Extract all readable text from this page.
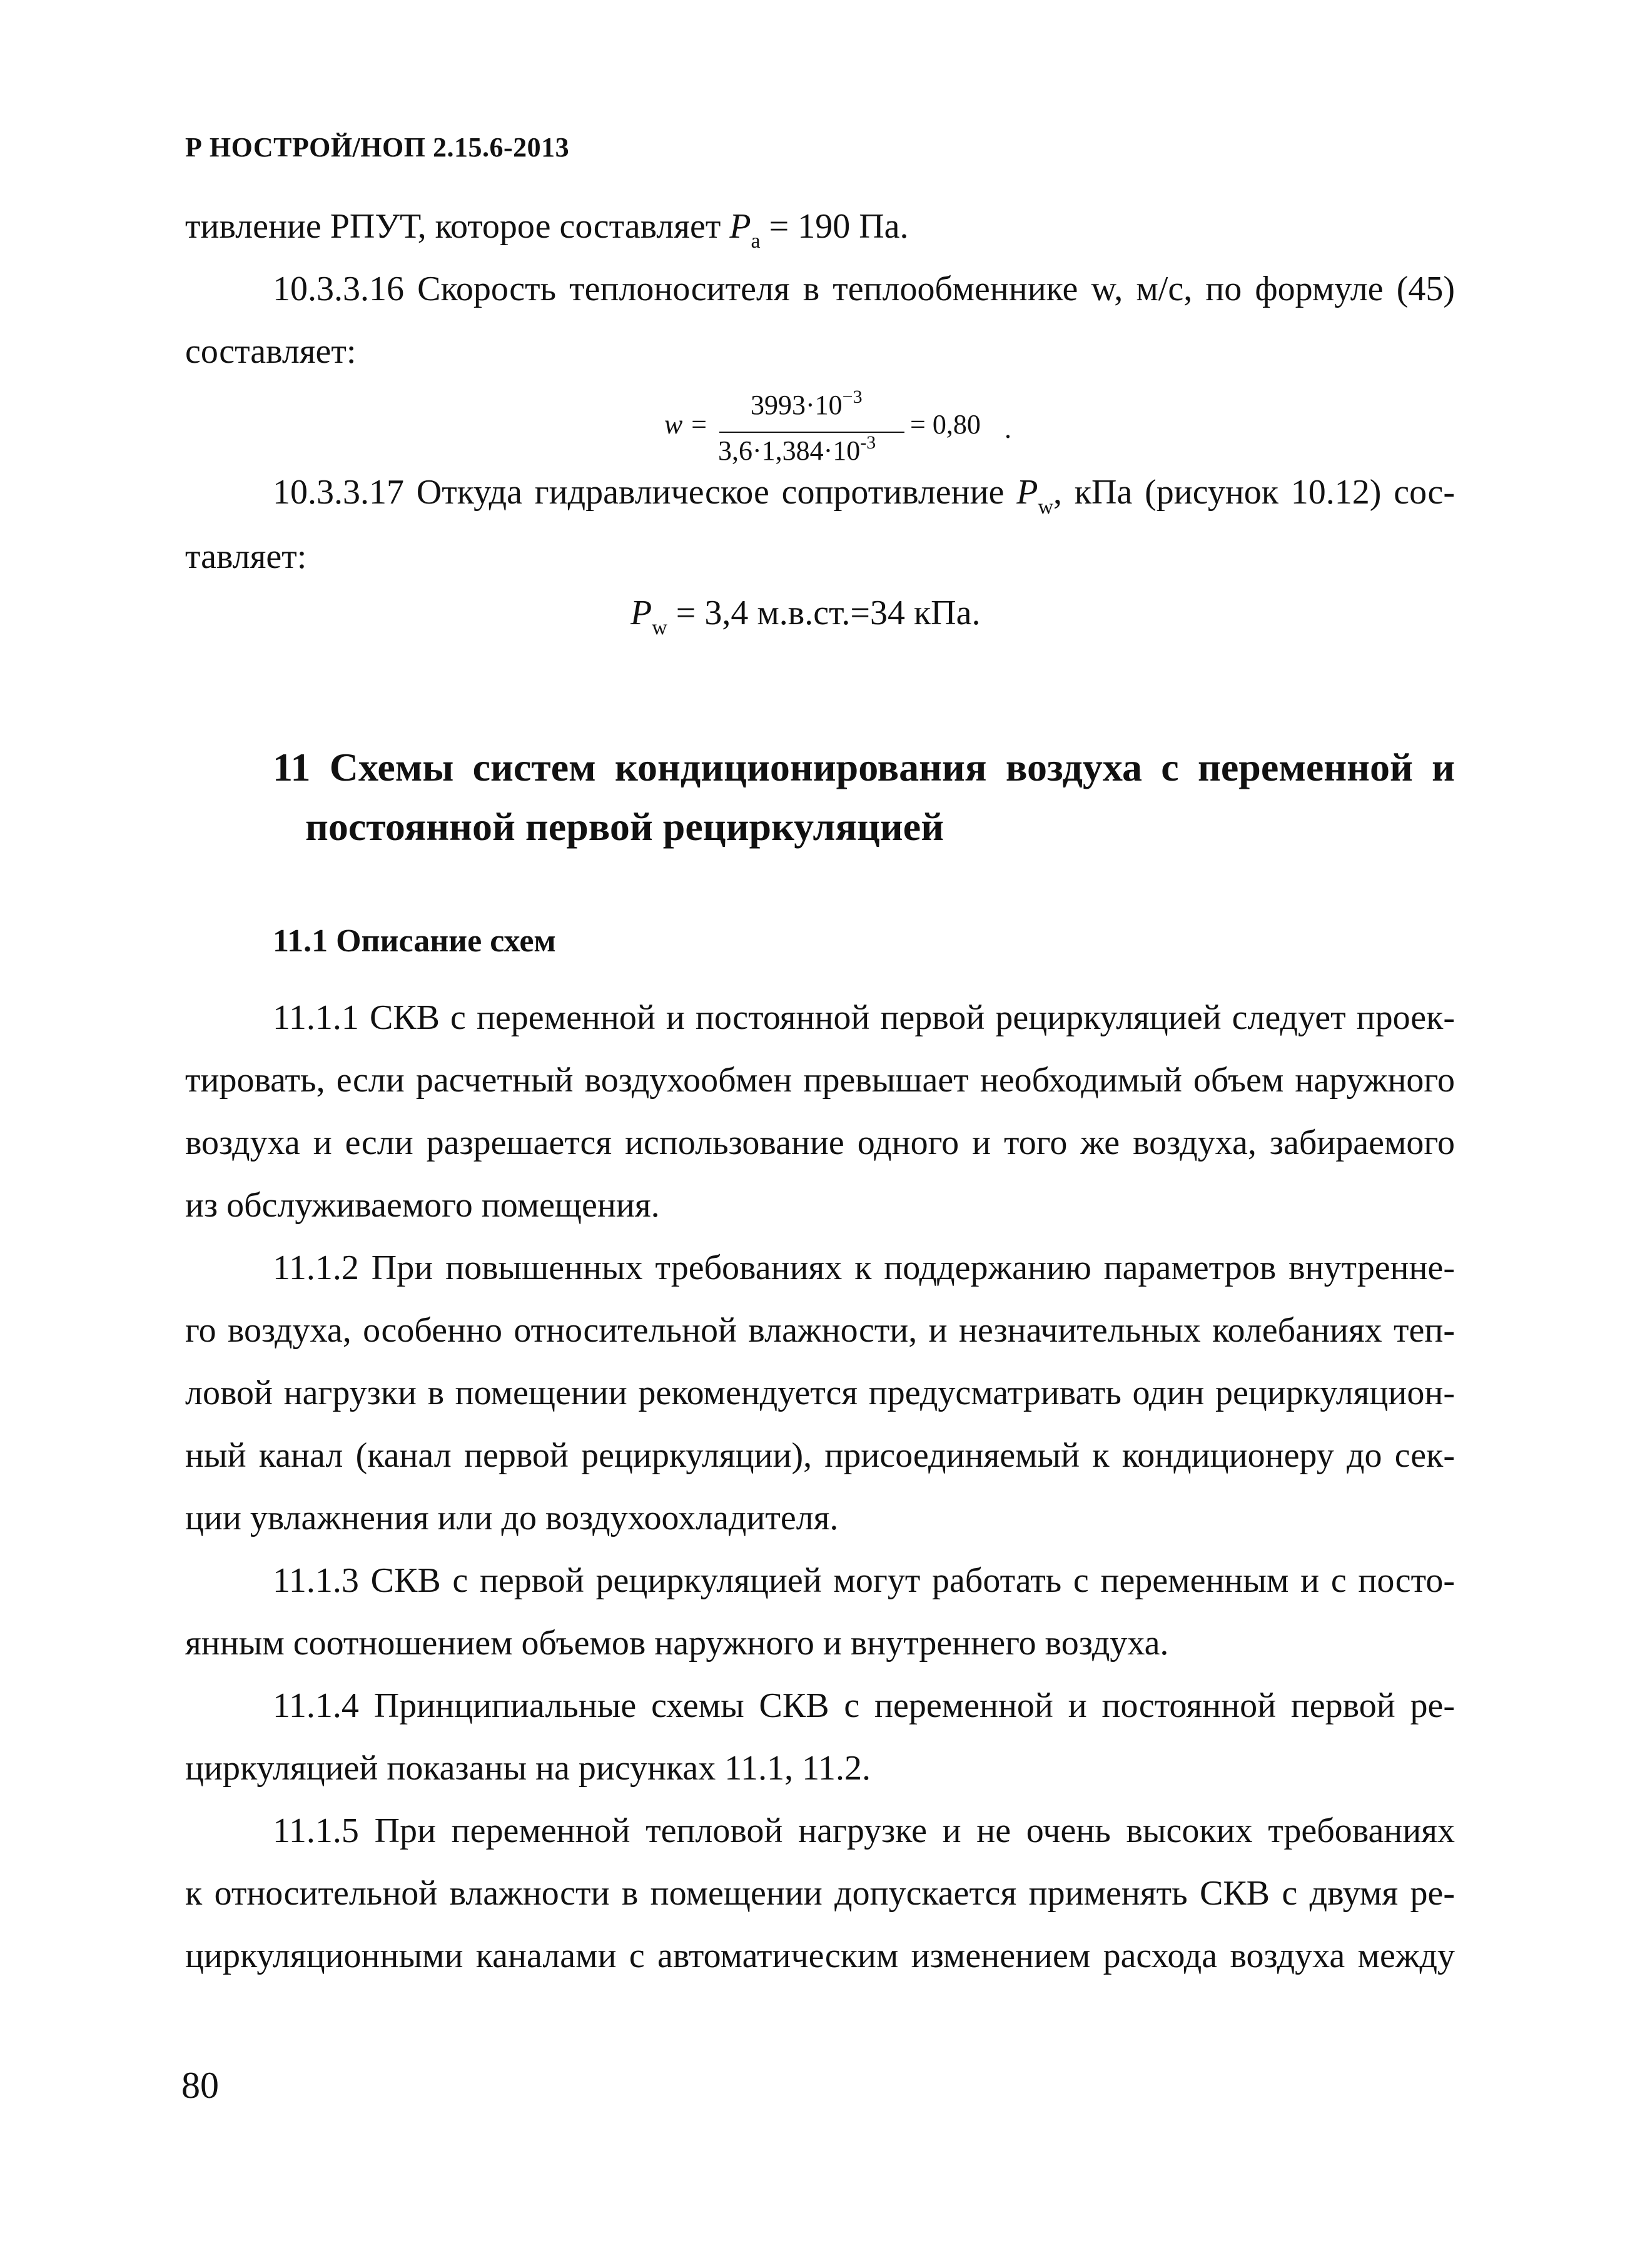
Р НОСТРОЙ/НОП 2.15.6-2013
тивление РПУТ, которое составляет $P_a = 190$ Па.
10.3.3.16 Скорость теплоносителя в теплообменнике w, м/с, по формуле (45)
составляет:
w =
$3993\cdot 10^{-3}$
$3,6\cdot 1,384\cdot 10^{-3}$
= 0,80 .
10.3.3.17 Откуда гидравлическое сопротивление $P_w$, кПа (рисунок 10.12) сос-
тавляет:
$P_w = 3,4$ м.в.ст.=34 кПа.
11 Схемы систем кондиционирования воздуха с переменной и
постоянной первой рециркуляцией
11.1 Описание схем
11.1.1 СКВ с переменной и постоянной первой рециркуляцией следует проек-
тировать, если расчетный воздухообмен превышает необходимый объем наружного
воздуха и если разрешается использование одного и того же воздуха, забираемого
из обслуживаемого помещения.
11.1.2 При повышенных требованиях к поддержанию параметров внутренне-
го воздуха, особенно относительной влажности, и незначительных колебаниях теп-
ловой нагрузки в помещении рекомендуется предусматривать один рециркуляцион-
ный канал (канал первой рециркуляции), присоединяемый к кондиционеру до сек-
ции увлажнения или до воздухоохладителя.
11.1.3 СКВ с первой рециркуляцией могут работать с переменным и с посто-
янным соотношением объемов наружного и внутреннего воздуха.
11.1.4 Принципиальные схемы СКВ с переменной и постоянной первой ре-
циркуляцией показаны на рисунках 11.1, 11.2.
11.1.5 При переменной тепловой нагрузке и не очень высоких требованиях
к относительной влажности в помещении допускается применять СКВ с двумя ре-
циркуляционными каналами с автоматическим изменением расхода воздуха между
80
